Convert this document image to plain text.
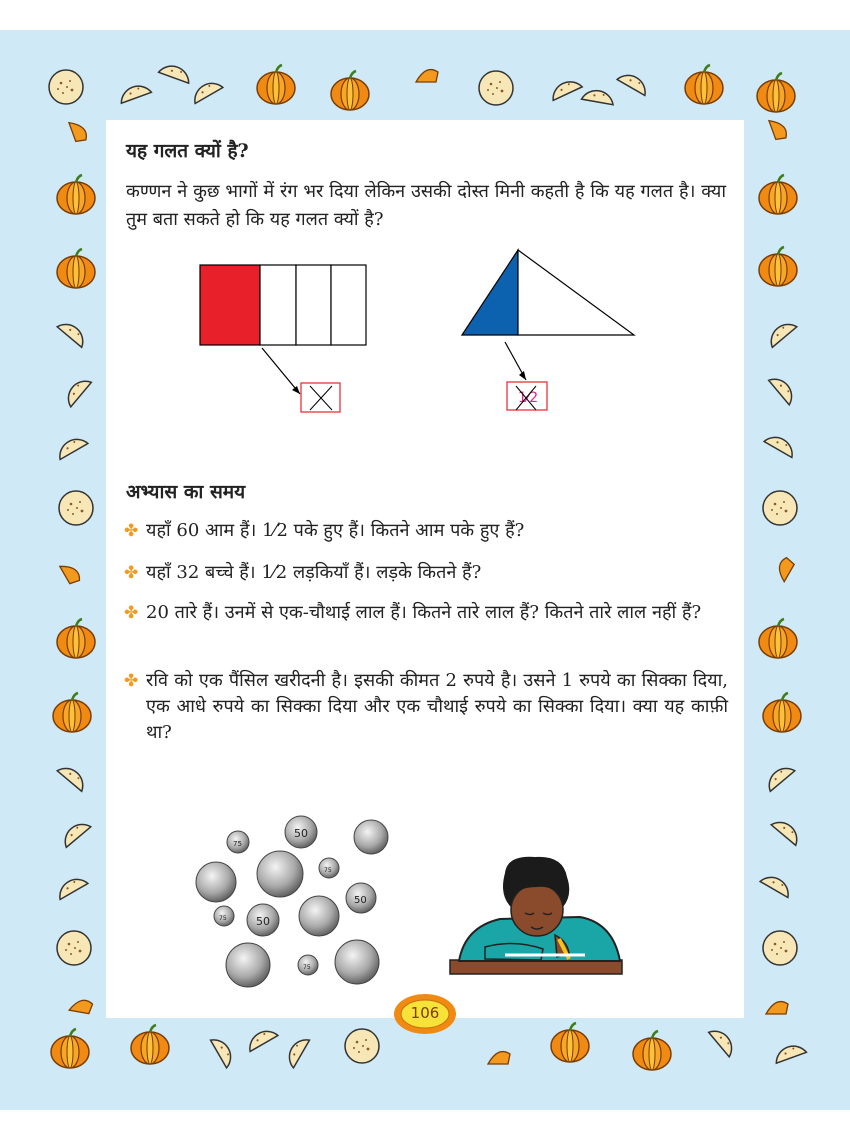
यह गलत क्यों है?
कण्णन ने कुछ भागों में रंग भर दिया लेकिन उसकी दोस्त मिनी कहती है कि यह गलत है। क्या तुम बता सकते हो कि यह गलत क्यों है?
1⁄2
अभ्यास का समय
✤ यहाँ 60 आम हैं। 1⁄2 पके हुए हैं। कितने आम पके हुए हैं?
✤ यहाँ 32 बच्चे हैं। 1⁄2 लड़कियाँ हैं। लड़के कितने हैं?
✤ 20 तारे हैं। उनमें से एक-चौथाई लाल हैं। कितने तारे लाल हैं? कितने तारे लाल नहीं हैं?
✤ रवि को एक पैंसिल खरीदनी है। इसकी कीमत 2 रुपये है। उसने 1 रुपये का सिक्का दिया, एक आधे रुपये का सिक्का दिया और एक चौथाई रुपये का सिक्का दिया। क्या यह काफ़ी था?
75
50
75
50
75	50
75
106
